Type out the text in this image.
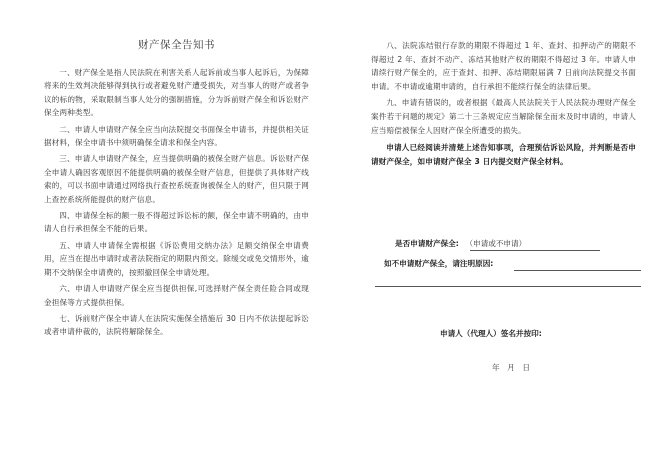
财产保全告知书

一、财产保全是指人民法院在利害关系人起诉前或当事人起诉后，为保障将来的生效判决能够得到执行或者避免财产遭受损失，对当事人的财产或者争议的标的物，采取限制当事人处分的强制措施，分为诉前财产保全和诉讼财产保全两种类型。

二、申请人申请财产保全应当向法院提交书面保全申请书，并提供相关证据材料，保全申请书中须明确保全请求和保全内容。

三、申请人申请财产保全，应当提供明确的被保全财产信息。诉讼财产保全申请人确因客观原因不能提供明确的被保全财产信息，但提供了具体财产线索的，可以书面申请通过网络执行查控系统查询被保全人的财产，但只限于网上查控系统所能提供的财产信息。

四、申请保全标的额一般不得超过诉讼标的额，保全申请不明确的，由申请人自行承担保全不能的后果。

五、申请人申请保全需根据《诉讼费用交纳办法》足额交纳保全申请费用，应当在提出申请时或者法院指定的期限内预交。除缓交或免交情形外，逾期不交纳保全申请费的，按照撤回保全申请处理。

六、申请人申请财产保全应当提供担保,可选择财产保全责任险合同或现金担保等方式提供担保。

七、诉前财产保全申请人在法院实施保全措施后 30 日内不依法提起诉讼或者申请仲裁的，法院将解除保全。

八、法院冻结银行存款的期限不得超过 1 年、查封、扣押动产的期限不得超过 2 年、查封不动产、冻结其他财产权的期限不得超过 3 年。申请人申请续行财产保全的，应于查封、扣押、冻结期限届满 7 日前向法院提交书面申请。不申请或逾期申请的，自行承担不能续行保全的法律后果。

九、申请有错误的，或者根据《最高人民法院关于人民法院办理财产保全案件若干问题的规定》第二十三条规定应当解除保全而未及时申请的，申请人应当赔偿被保全人因财产保全所遭受的损失。

申请人已经阅读并清楚上述告知事项，合理预估诉讼风险，并判断是否申请财产保全，如申请财产保全 3 日内提交财产保全材料。

是否申请财产保全: （申请或不申请）
如不申请财产保全，请注明原因:
申请人（代理人）签名并按印:
年　月　日
